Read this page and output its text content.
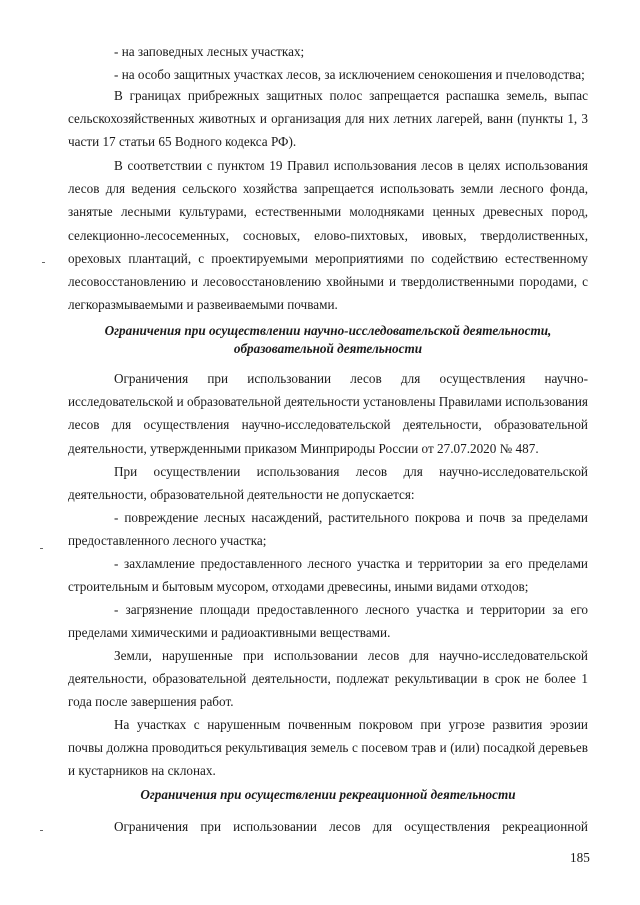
- на заповедных лесных участках;

- на особо защитных участках лесов, за исключением сенокошения и пчеловодства;

В границах прибрежных защитных полос запрещается распашка земель, выпас сельскохозяйственных животных и организация для них летних лагерей, ванн (пункты 1, 3 части 17 статьи 65 Водного кодекса РФ).

В соответствии с пунктом 19 Правил использования лесов в целях использования лесов для ведения сельского хозяйства запрещается использовать земли лесного фонда, занятые лесными культурами, естественными молодняками ценных древесных пород, селекционно-лесосеменных, сосновых, елово-пихтовых, ивовых, твердолиственных, ореховых плантаций, с проектируемыми мероприятиями по содействию естественному лесовосстановлению и лесовосстановлению хвойными и твердолиственными породами, с легкоразмываемыми и развеиваемыми почвами.

Ограничения при осуществлении научно-исследовательской деятельности,

образовательной деятельности

Ограничения при использовании лесов для осуществления научно-исследовательской и образовательной деятельности установлены Правилами использования лесов для осуществления научно-исследовательской деятельности, образовательной деятельности, утвержденными приказом Минприроды России от 27.07.2020 № 487.

При осуществлении использования лесов для научно-исследовательской деятельности, образовательной деятельности не допускается:

- повреждение лесных насаждений, растительного покрова и почв за пределами предоставленного лесного участка;

- захламление предоставленного лесного участка и территории за его пределами строительным и бытовым мусором, отходами древесины, иными видами отходов;

- загрязнение площади предоставленного лесного участка и территории за его пределами химическими и радиоактивными веществами.

Земли, нарушенные при использовании лесов для научно-исследовательской деятельности, образовательной деятельности, подлежат рекультивации в срок не более 1 года после завершения работ.

На участках с нарушенным почвенным покровом при угрозе развития эрозии почвы должна проводиться рекультивация земель с посевом трав и (или) посадкой деревьев и кустарников на склонах.

Ограничения при осуществлении рекреационной деятельности

Ограничения при использовании лесов для осуществления рекреационной

185
